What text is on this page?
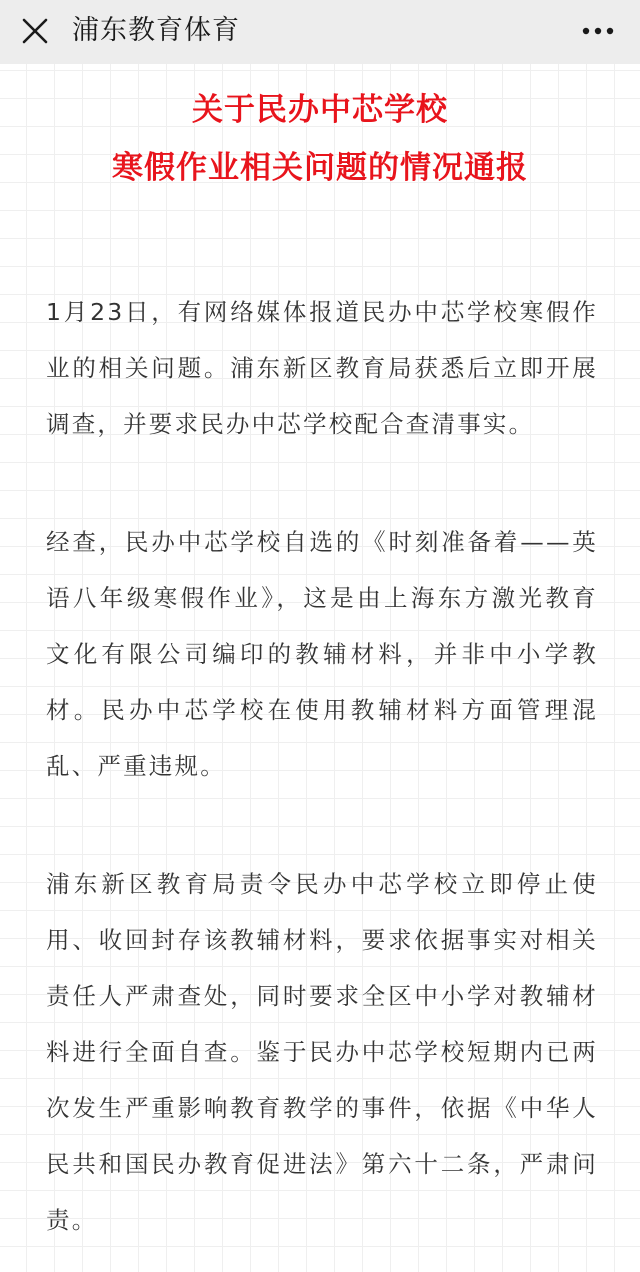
浦东教育体育
关于民办中芯学校
寒假作业相关问题的情况通报
1月23日，有网络媒体报道民办中芯学校寒假作业的相关问题。浦东新区教育局获悉后立即开展调查，并要求民办中芯学校配合查清事实。
经查，民办中芯学校自选的《时刻准备着——英语八年级寒假作业》，这是由上海东方激光教育文化有限公司编印的教辅材料，并非中小学教材。民办中芯学校在使用教辅材料方面管理混乱、严重违规。
浦东新区教育局责令民办中芯学校立即停止使用、收回封存该教辅材料，要求依据事实对相关责任人严肃查处，同时要求全区中小学对教辅材料进行全面自查。鉴于民办中芯学校短期内已两次发生严重影响教育教学的事件，依据《中华人民共和国民办教育促进法》第六十二条，严肃问责。
